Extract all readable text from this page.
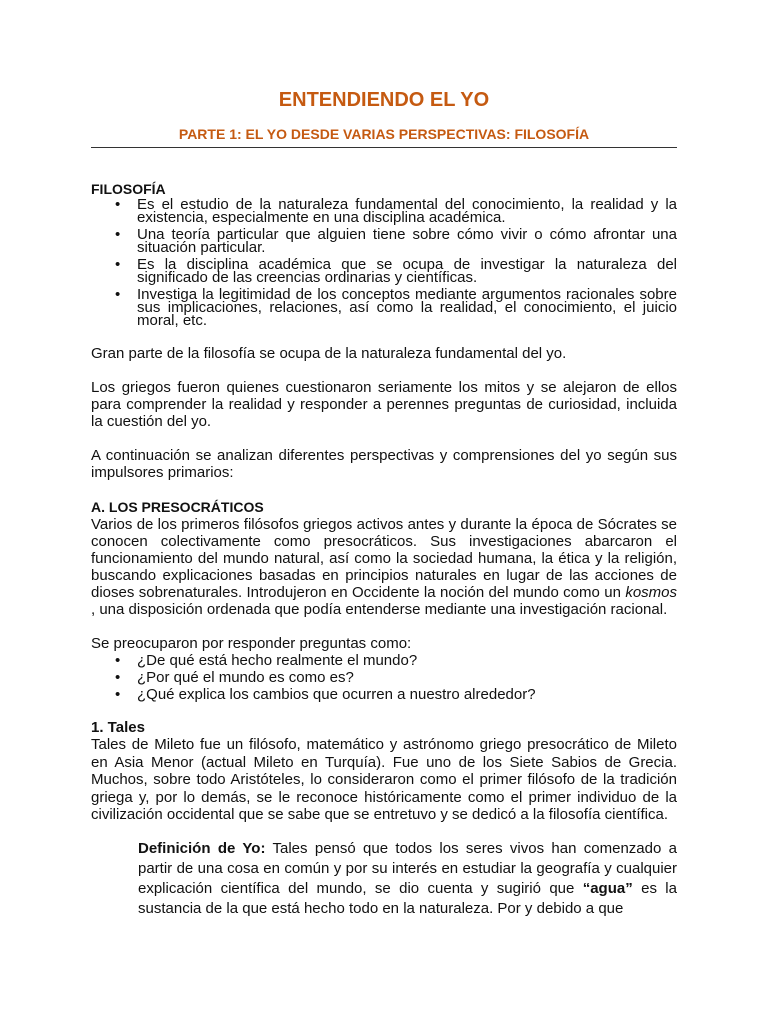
ENTENDIENDO EL YO
PARTE 1: EL YO DESDE VARIAS PERSPECTIVAS: FILOSOFÍA
FILOSOFÍA
• Es el estudio de la naturaleza fundamental del conocimiento, la realidad y la existencia, especialmente en una disciplina académica.
• Una teoría particular que alguien tiene sobre cómo vivir o cómo afrontar una situación particular.
• Es la disciplina académica que se ocupa de investigar la naturaleza del significado de las creencias ordinarias y científicas.
• Investiga la legitimidad de los conceptos mediante argumentos racionales sobre sus implicaciones, relaciones, así como la realidad, el conocimiento, el juicio moral, etc.

Gran parte de la filosofía se ocupa de la naturaleza fundamental del yo.

Los griegos fueron quienes cuestionaron seriamente los mitos y se alejaron de ellos para comprender la realidad y responder a perennes preguntas de curiosidad, incluida la cuestión del yo.

A continuación se analizan diferentes perspectivas y comprensiones del yo según sus impulsores primarios:

A. LOS PRESOCRÁTICOS

Varios de los primeros filósofos griegos activos antes y durante la época de Sócrates se conocen colectivamente como presocráticos. Sus investigaciones abarcaron el funcionamiento del mundo natural, así como la sociedad humana, la ética y la religión, buscando explicaciones basadas en principios naturales en lugar de las acciones de dioses sobrenaturales. Introdujeron en Occidente la noción del mundo como un kosmos , una disposición ordenada que podía entenderse mediante una investigación racional.

Se preocuparon por responder preguntas como:

• ¿De qué está hecho realmente el mundo?
• ¿Por qué el mundo es como es?
• ¿Qué explica los cambios que ocurren a nuestro alrededor?
1. Tales

Tales de Mileto fue un filósofo, matemático y astrónomo griego presocrático de Mileto en Asia Menor (actual Mileto en Turquía). Fue uno de los Siete Sabios de Grecia. Muchos, sobre todo Aristóteles, lo consideraron como el primer filósofo de la tradición griega y, por lo demás, se le reconoce históricamente como el primer individuo de la civilización occidental que se sabe que se entretuvo y se dedicó a la filosofía científica.

Definición de Yo: Tales pensó que todos los seres vivos han comenzado a partir de una cosa en común y por su interés en estudiar la geografía y cualquier explicación científica del mundo, se dio cuenta y sugirió que “agua” es la sustancia de la que está hecho todo en la naturaleza. Por y debido a que
